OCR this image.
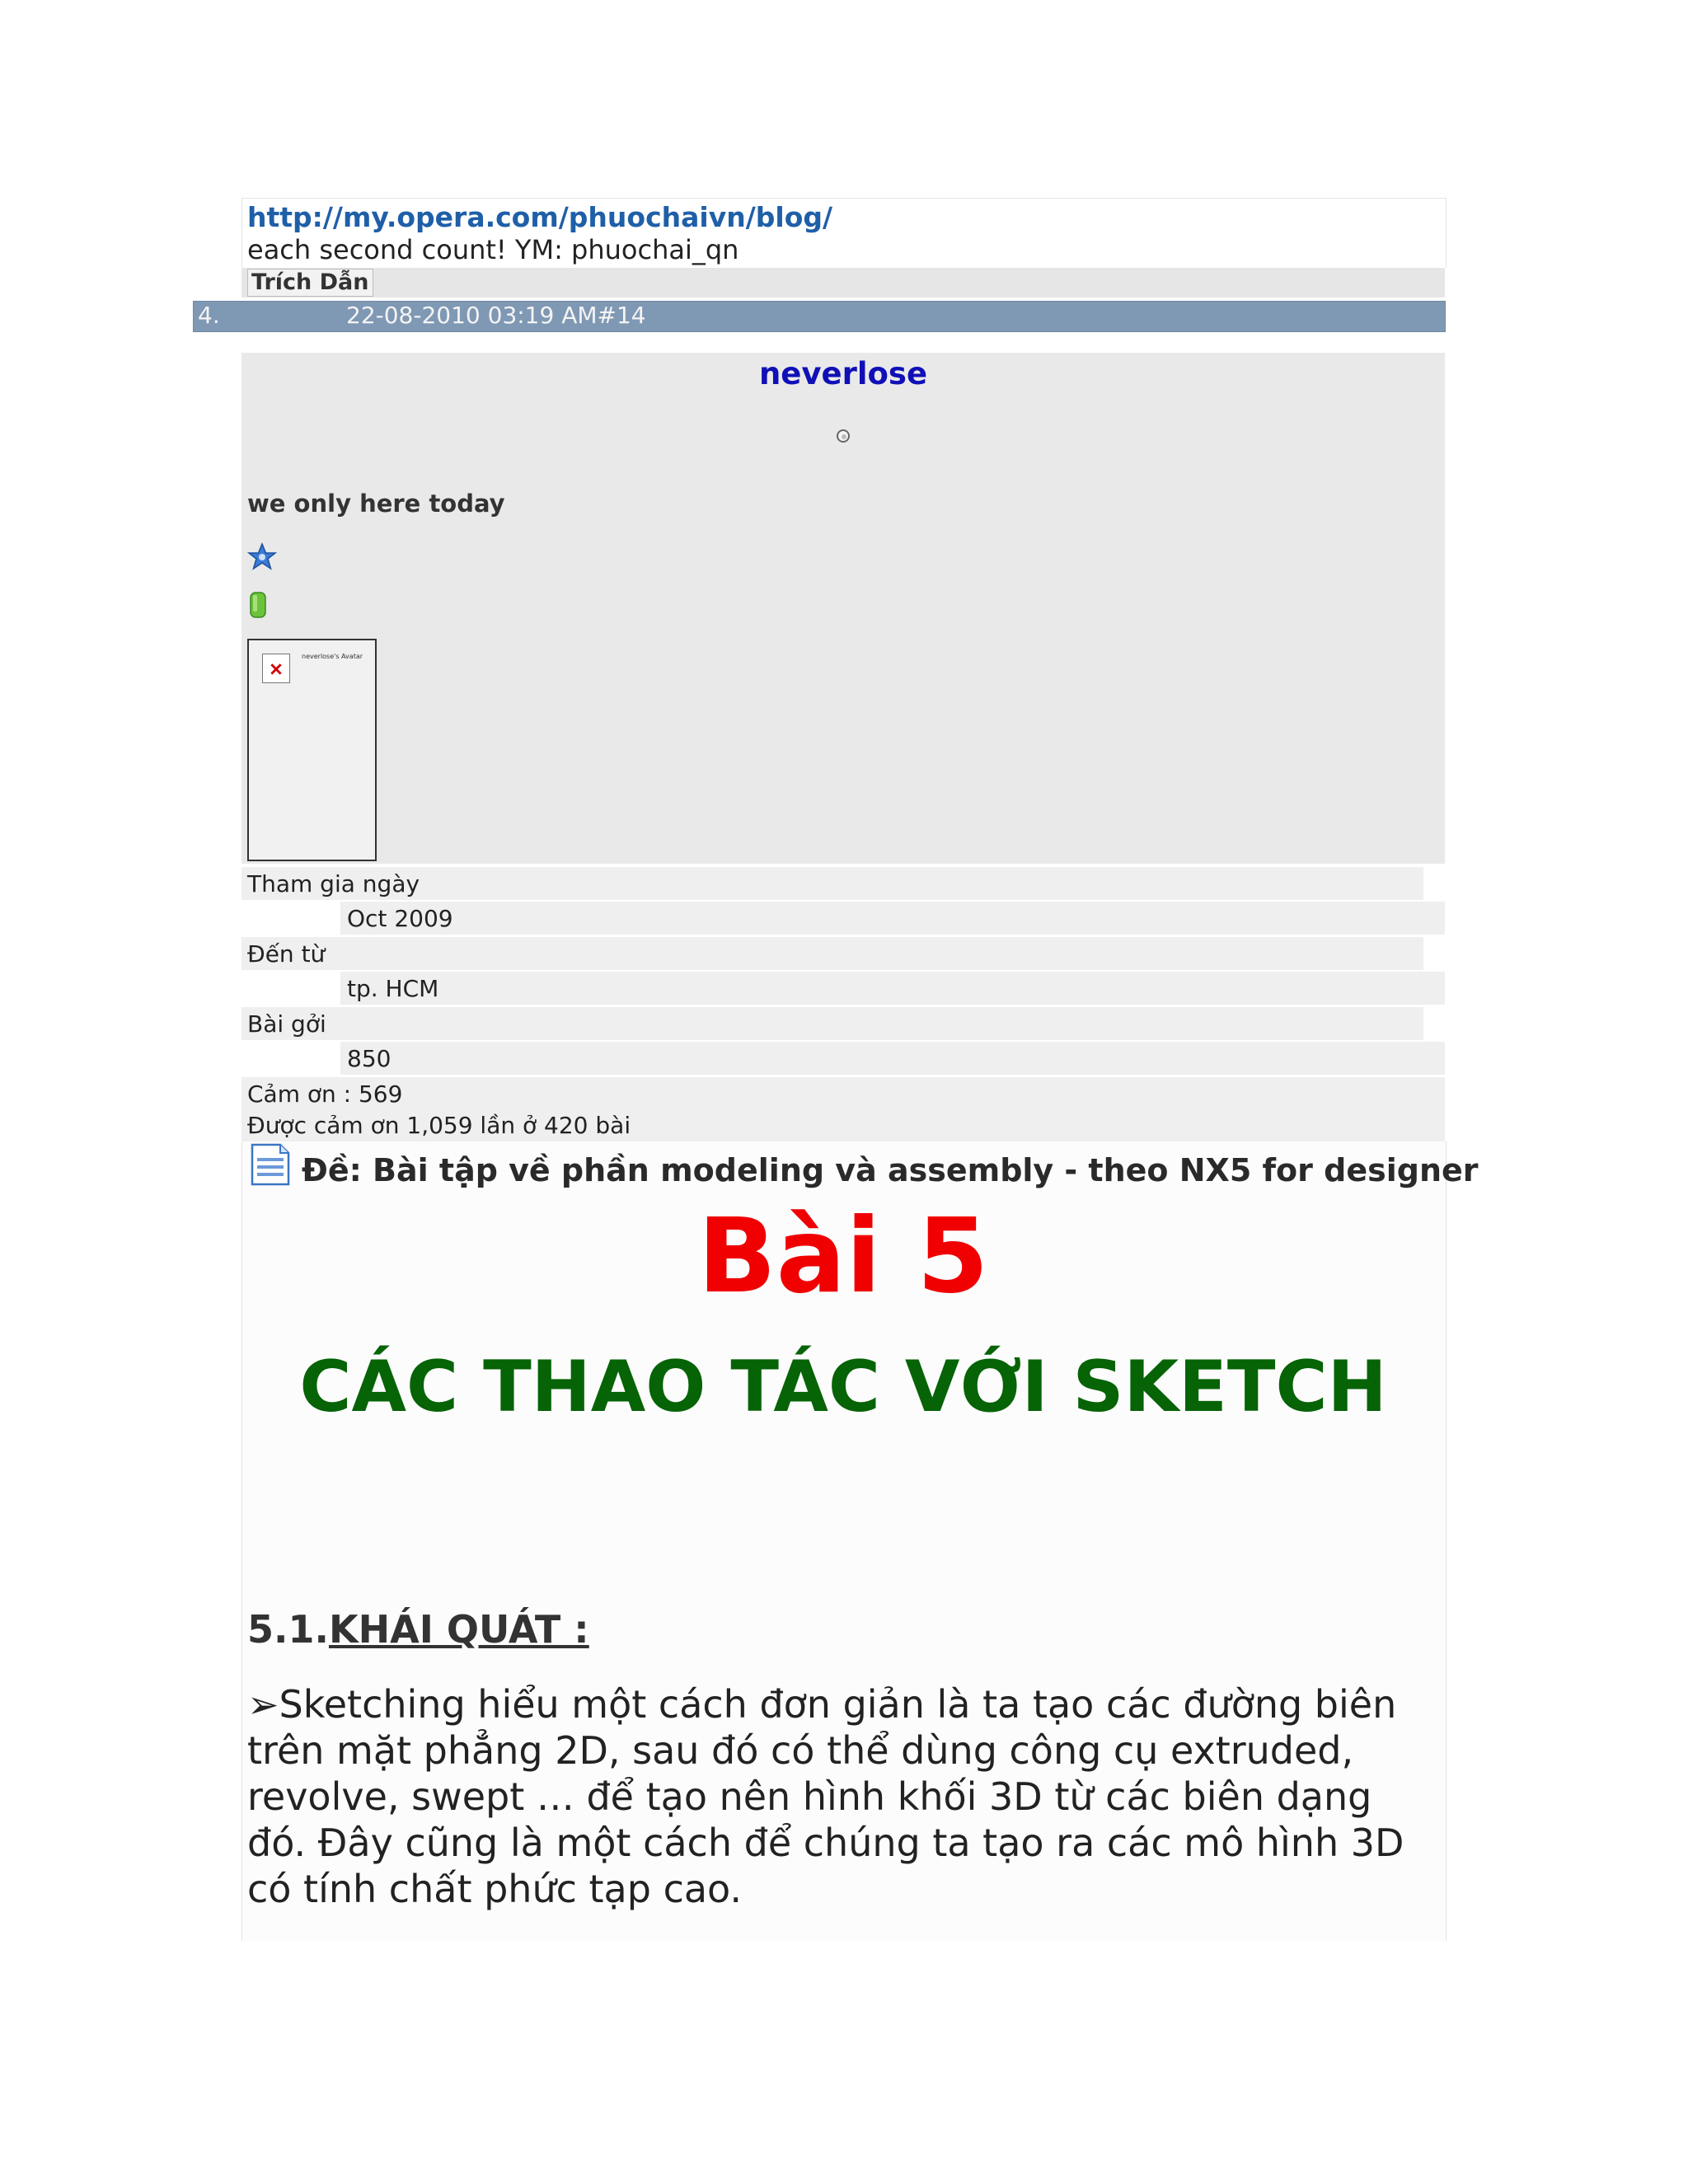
http://my.opera.com/phuochaivn/blog/
each second count! YM: phuochai_qn
Trích Dẫn
4.	22-08-2010 03:19 AM#14
neverlose
we only here today
neverlose's Avatar
Tham gia ngày
Oct 2009
Đến từ
tp. HCM
Bài gởi
850
Cảm ơn : 569
Được cảm ơn 1,059 lần ở 420 bài
Đề: Bài tập về phần modeling và assembly - theo NX5 for designer
Bài 5
CÁC THAO TÁC VỚI SKETCH
5.1.KHÁI QUÁT :
➢Sketching hiểu một cách đơn giản là ta tạo các đường biên trên mặt phẳng 2D, sau đó có thể dùng công cụ extruded, revolve, swept … để tạo nên hình khối 3D từ các biên dạng đó. Đây cũng là một cách để chúng ta tạo ra các mô hình 3D có tính chất phức tạp cao.
